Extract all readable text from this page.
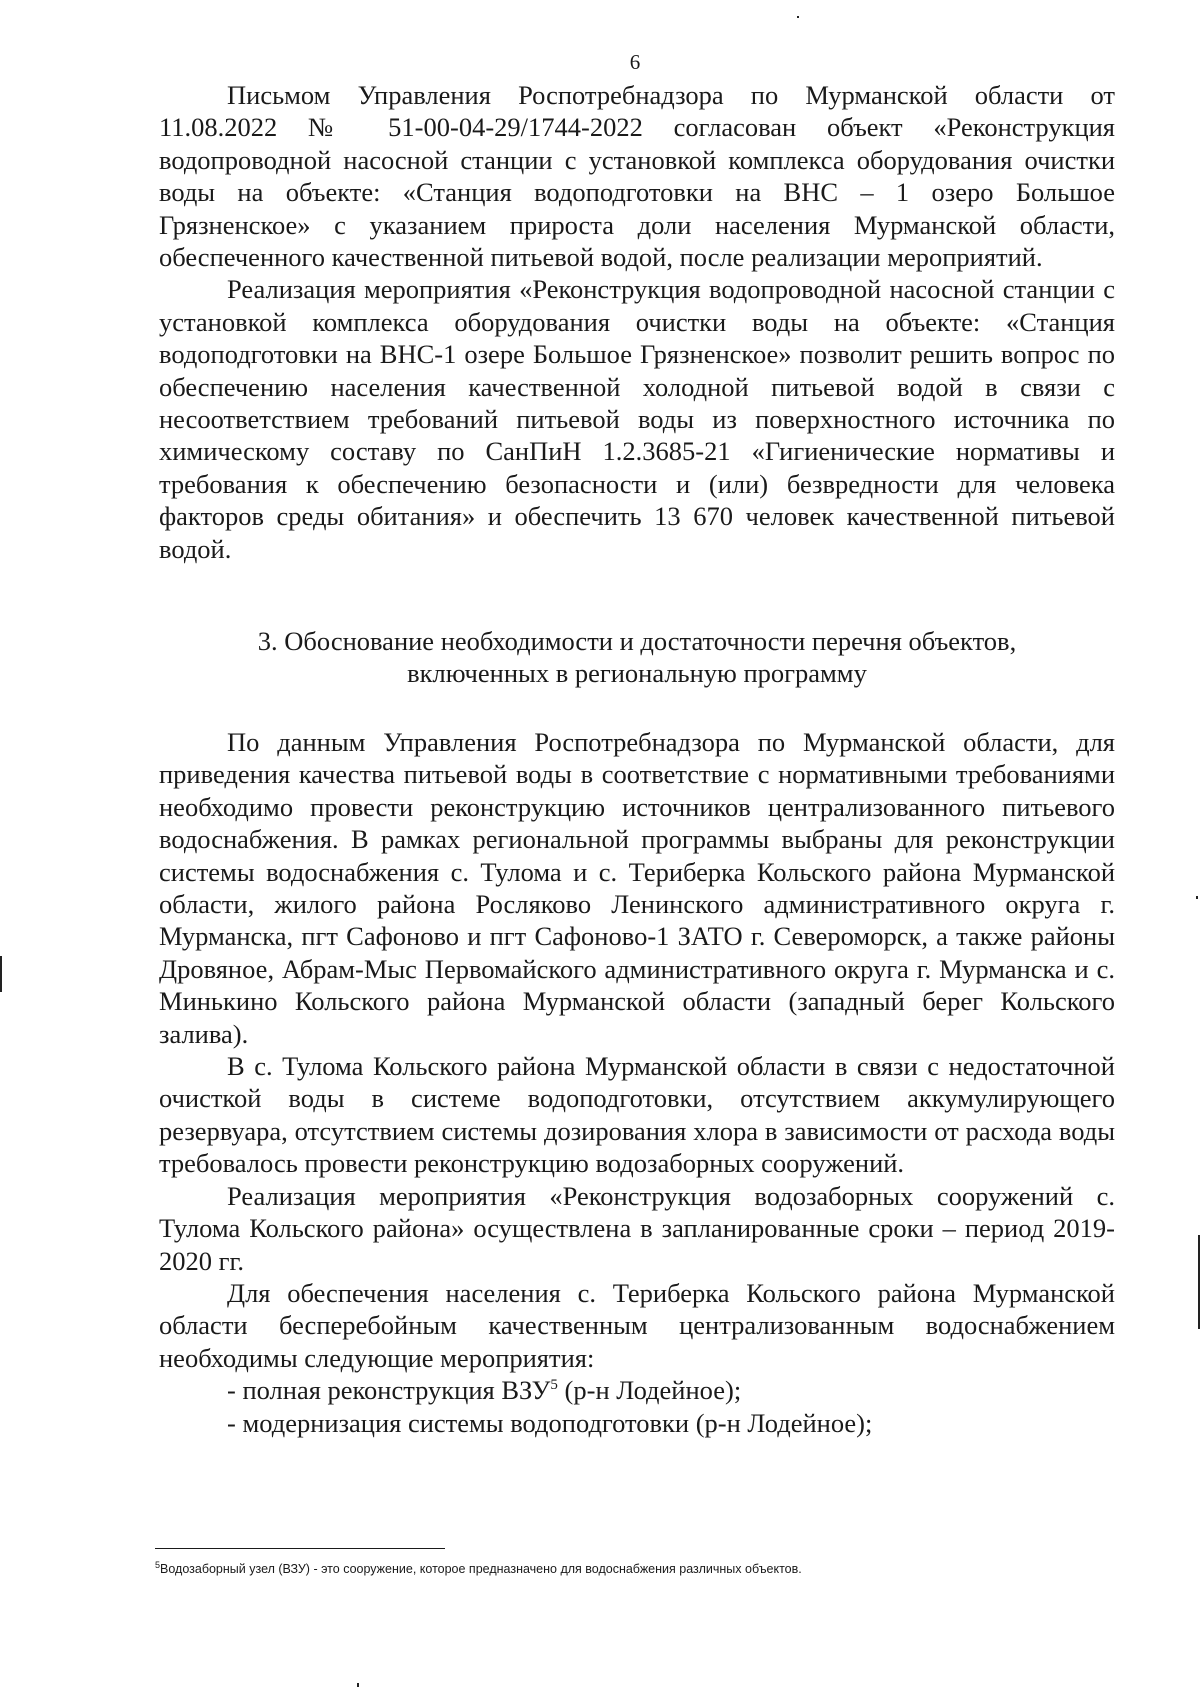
6

Письмом Управления Роспотребнадзора по Мурманской области от 11.08.2022 № 51-00-04-29/1744-2022 согласован объект «Реконструкция водопроводной насосной станции с установкой комплекса оборудования очистки воды на объекте: «Станция водоподготовки на ВНС – 1 озеро Большое Грязненское» с указанием прироста доли населения Мурманской области, обеспеченного качественной питьевой водой, после реализации мероприятий.

Реализация мероприятия «Реконструкция водопроводной насосной станции с установкой комплекса оборудования очистки воды на объекте: «Станция водоподготовки на ВНС-1 озере Большое Грязненское» позволит решить вопрос по обеспечению населения качественной холодной питьевой водой в связи с несоответствием требований питьевой воды из поверхностного источника по химическому составу по СанПиН 1.2.3685-21 «Гигиенические нормативы и требования к обеспечению безопасности и (или) безвредности для человека факторов среды обитания» и обеспечить 13 670 человек качественной питьевой водой.

3. Обоснование необходимости и достаточности перечня объектов,
включенных в региональную программу

По данным Управления Роспотребнадзора по Мурманской области, для приведения качества питьевой воды в соответствие с нормативными требованиями необходимо провести реконструкцию источников централизованного питьевого водоснабжения. В рамках региональной программы выбраны для реконструкции системы водоснабжения с. Тулома и с. Териберка Кольского района Мурманской области, жилого района Росляково Ленинского административного округа г. Мурманска, пгт Сафоново и пгт Сафоново-1 ЗАТО г. Североморск, а также районы Дровяное, Абрам-Мыс Первомайского административного округа г. Мурманска и с. Минькино Кольского района Мурманской области (западный берег Кольского залива).

В с. Тулома Кольского района Мурманской области в связи с недостаточной очисткой воды в системе водоподготовки, отсутствием аккумулирующего резервуара, отсутствием системы дозирования хлора в зависимости от расхода воды требовалось провести реконструкцию водозаборных сооружений.

Реализация мероприятия «Реконструкция водозаборных сооружений с. Тулома Кольского района» осуществлена в запланированные сроки – период 2019-2020 гг.

Для обеспечения населения с. Териберка Кольского района Мурманской области бесперебойным качественным централизованным водоснабжением необходимы следующие мероприятия:

- полная реконструкция ВЗУ$^5$ (р-н Лодейное);

- модернизация системы водоподготовки (р-н Лодейное);

$^5$Водозаборный узел (ВЗУ) - это сооружение, которое предназначено для водоснабжения различных объектов.
